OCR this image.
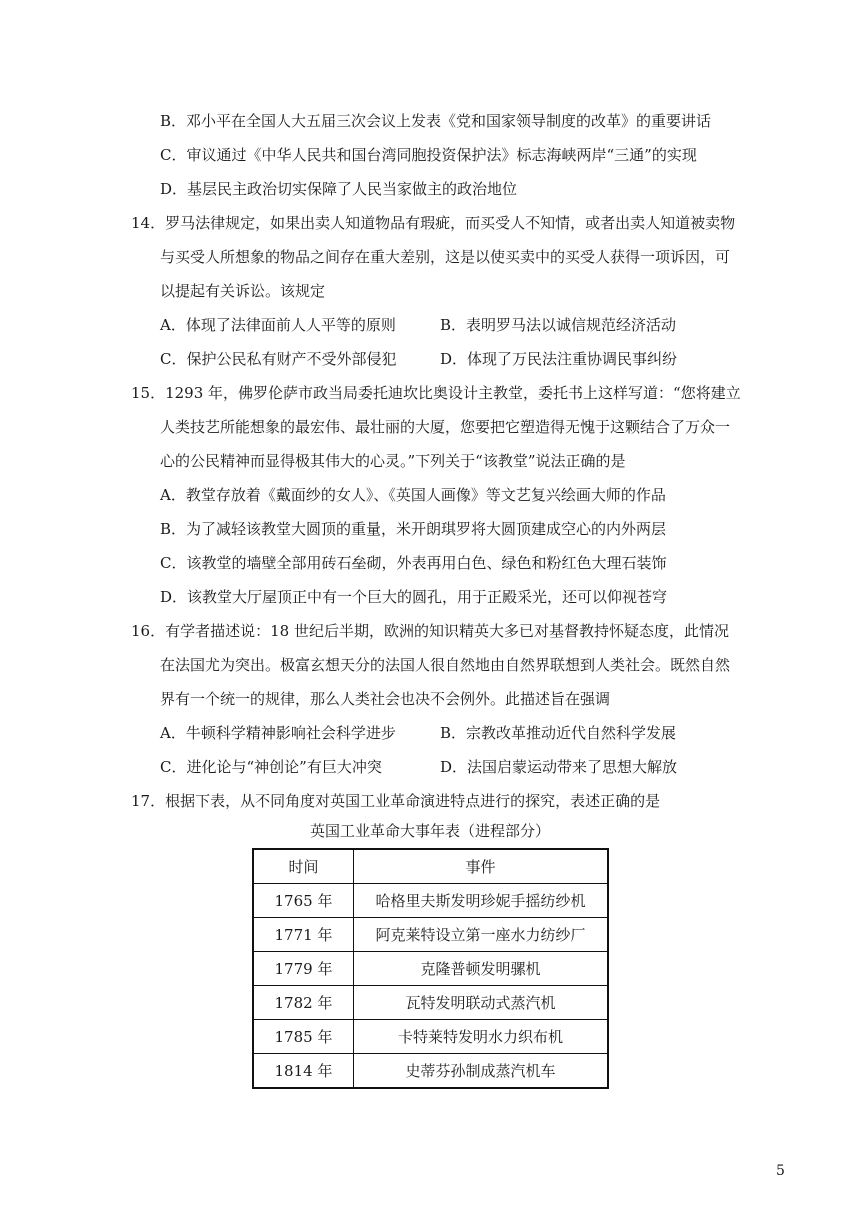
B．邓小平在全国人大五届三次会议上发表《党和国家领导制度的改革》的重要讲话
C．审议通过《中华人民共和国台湾同胞投资保护法》标志海峡两岸“三通”的实现
D．基层民主政治切实保障了人民当家做主的政治地位
14．罗马法律规定，如果出卖人知道物品有瑕疵，而买受人不知情，或者出卖人知道被卖物
与买受人所想象的物品之间存在重大差别，这是以使买卖中的买受人获得一项诉因，可
以提起有关诉讼。该规定
A．体现了法律面前人人平等的原则	B．表明罗马法以诚信规范经济活动
C．保护公民私有财产不受外部侵犯	D．体现了万民法注重协调民事纠纷
15．1293 年，佛罗伦萨市政当局委托迪坎比奥设计主教堂，委托书上这样写道：“您将建立
人类技艺所能想象的最宏伟、最壮丽的大厦，您要把它塑造得无愧于这颗结合了万众一
心的公民精神而显得极其伟大的心灵。”下列关于“该教堂”说法正确的是
A．教堂存放着《戴面纱的女人》、《英国人画像》等文艺复兴绘画大师的作品
B．为了减轻该教堂大圆顶的重量，米开朗琪罗将大圆顶建成空心的内外两层
C．该教堂的墙壁全部用砖石垒砌，外表再用白色、绿色和粉红色大理石装饰
D．该教堂大厅屋顶正中有一个巨大的圆孔，用于正殿采光，还可以仰视苍穹
16．有学者描述说：18 世纪后半期，欧洲的知识精英大多已对基督教持怀疑态度，此情况
在法国尤为突出。极富玄想天分的法国人很自然地由自然界联想到人类社会。既然自然
界有一个统一的规律，那么人类社会也决不会例外。此描述旨在强调
A．牛顿科学精神影响社会科学进步	B．宗教改革推动近代自然科学发展
C．进化论与“神创论”有巨大冲突	D．法国启蒙运动带来了思想大解放
17．根据下表，从不同角度对英国工业革命演进特点进行的探究，表述正确的是
英国工业革命大事年表（进程部分）
时间	事件
1765 年	哈格里夫斯发明珍妮手摇纺纱机
1771 年	阿克莱特设立第一座水力纺纱厂
1779 年	克隆普顿发明骡机
1782 年	瓦特发明联动式蒸汽机
1785 年	卡特莱特发明水力织布机
1814 年	史蒂芬孙制成蒸汽机车
5
